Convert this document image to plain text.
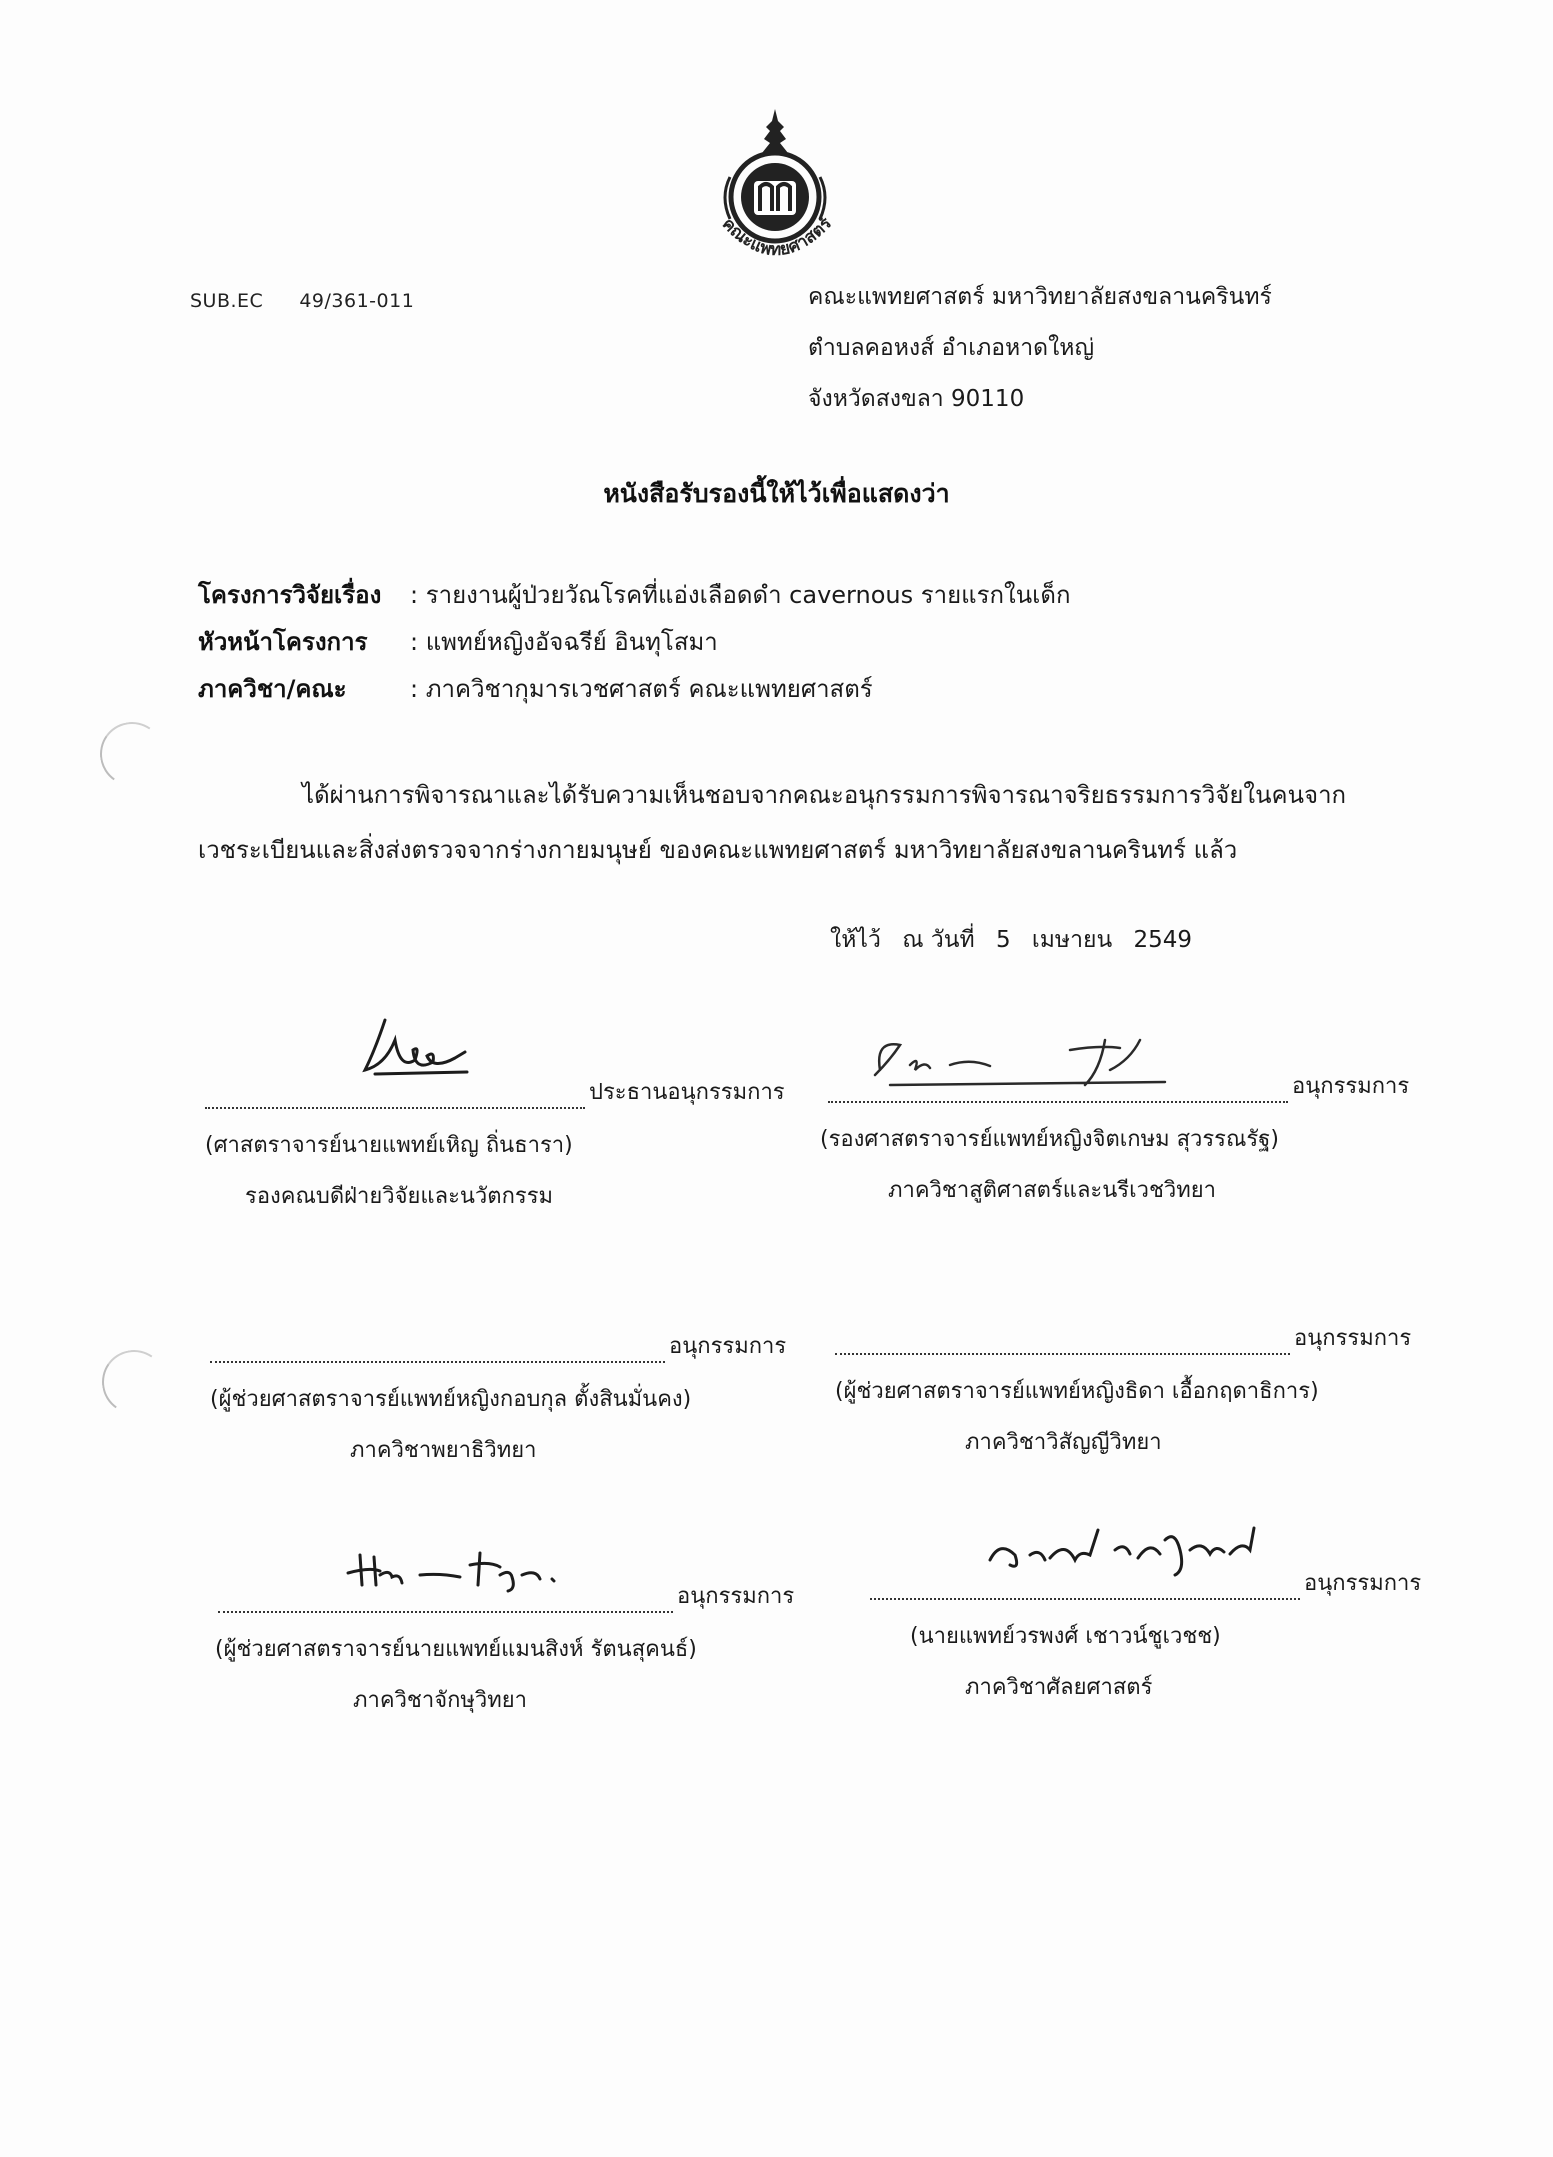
คณะแพทยศาสตร์
SUB.EC 49/361-011	คณะแพทยศาสตร์ มหาวิทยาลัยสงขลานครินทร์
ตำบลคอหงส์ อำเภอหาดใหญ่
จังหวัดสงขลา 90110
หนังสือรับรองนี้ให้ไว้เพื่อแสดงว่า
โครงการวิจัยเรื่อง	: รายงานผู้ป่วยวัณโรคที่แอ่งเลือดดำ cavernous รายแรกในเด็ก
หัวหน้าโครงการ	: แพทย์หญิงอัจฉรีย์ อินทุโสมา
ภาควิชา/คณะ	: ภาควิชากุมารเวชศาสตร์ คณะแพทยศาสตร์
ได้ผ่านการพิจารณาและได้รับความเห็นชอบจากคณะอนุกรรมการพิจารณาจริยธรรมการวิจัยในคนจาก
เวชระเบียนและสิ่งส่งตรวจจากร่างกายมนุษย์ ของคณะแพทยศาสตร์ มหาวิทยาลัยสงขลานครินทร์ แล้ว
ให้ไว้ ณ วันที่ 5 เมษายน 2549
ประธานอนุกรรมการ
(ศาสตราจารย์นายแพทย์เหิญ ถิ่นธารา)
รองคณบดีฝ่ายวิจัยและนวัตกรรม
อนุกรรมการ
(รองศาสตราจารย์แพทย์หญิงจิตเกษม สุวรรณรัฐ)
ภาควิชาสูติศาสตร์และนรีเวชวิทยา
อนุกรรมการ
(ผู้ช่วยศาสตราจารย์แพทย์หญิงกอบกุล ตั้งสินมั่นคง)
ภาควิชาพยาธิวิทยา
อนุกรรมการ
(ผู้ช่วยศาสตราจารย์แพทย์หญิงธิดา เอื้อกฤดาธิการ)
ภาควิชาวิสัญญีวิทยา
อนุกรรมการ
(ผู้ช่วยศาสตราจารย์นายแพทย์แมนสิงห์ รัตนสุคนธ์)
ภาควิชาจักษุวิทยา
อนุกรรมการ
(นายแพทย์วรพงศ์ เชาวน์ชูเวชช)
ภาควิชาศัลยศาสตร์
